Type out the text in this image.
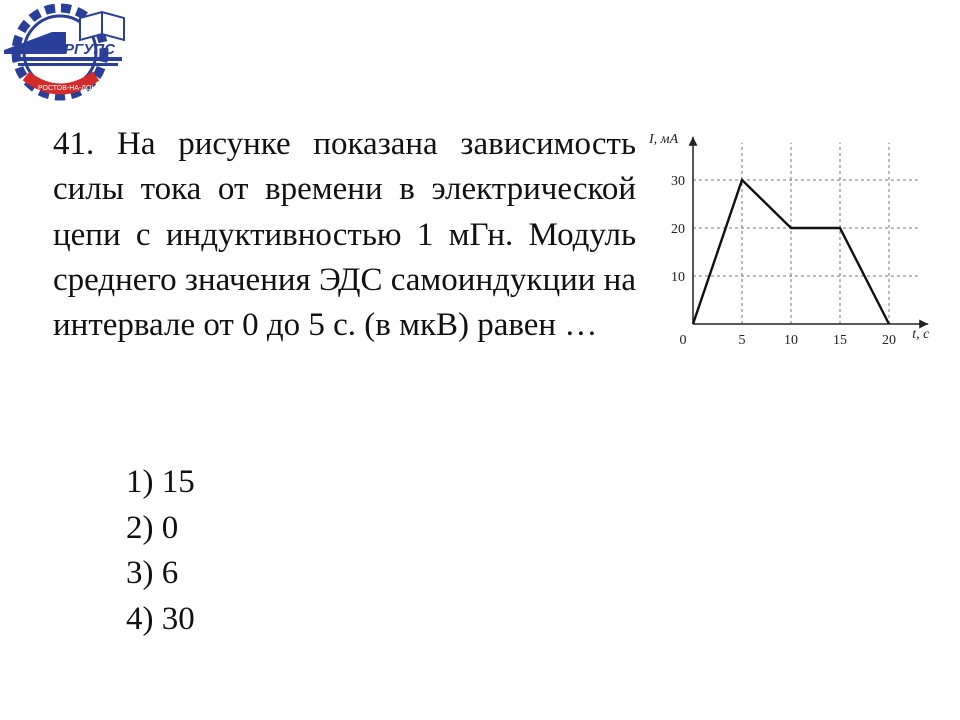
РГУПС
РОСТОВ-НА-ДОНУ

41. На рисунке показана зависимость силы тока от времени в электрической цепи с индуктивностью 1 мГн. Модуль среднего значения ЭДС самоиндукции на интервале от 0 до 5 с. (в мкВ) равен …

1) 15
2) 0
3) 6
4) 30
0	5	10	15	20
10
20
30
I, мА
t, с
